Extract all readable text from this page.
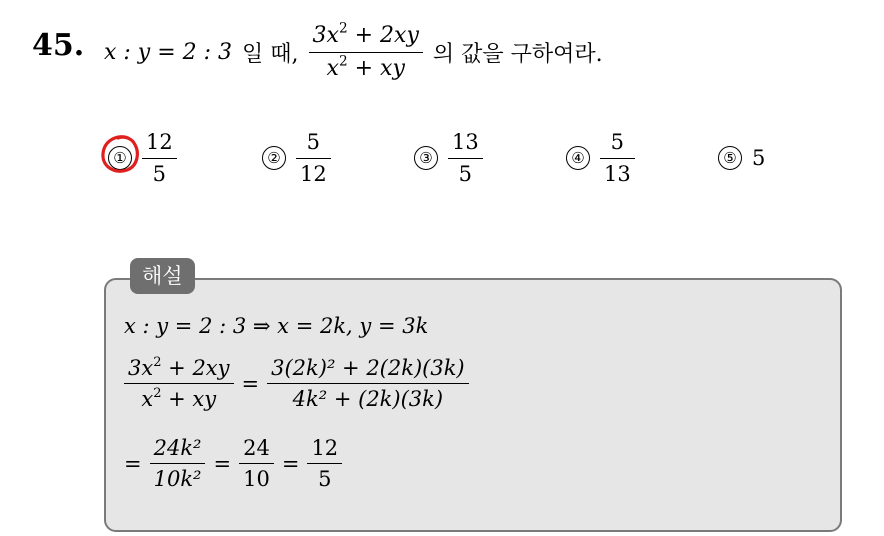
45. x : y = 2 : 3 일 때, $\frac{3x^2 + 2xy}{x^2 + xy}$ 의 값을 구하여라.
① $\frac{12}{5}$	② $\frac{5}{12}$	③ $\frac{13}{5}$	④ $\frac{5}{13}$	⑤ 5
해설
x : y = 2 : 3 ⇒ x = 2k, y = 3k
$\frac{3x^2 + 2xy}{x^2 + xy} = \frac{\text{3(2k)² + 2(2k)(3k)}}{\text{4k² + (2k)(3k)}}$
= $\frac{\text{24k²}}{\text{10k²}} = \frac{24}{10} = \frac{12}{5}$
